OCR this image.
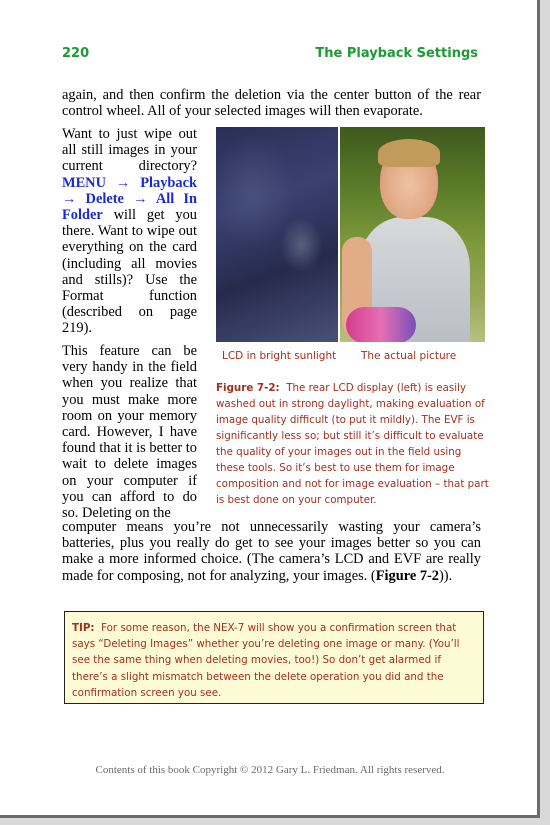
220	The Playback Settings
again, and then confirm the deletion via the center button of the rear control wheel. All of your selected images will then evaporate.
Want to just wipe out all still images in your current directory? MENU → Playback → Delete → All In Folder will get you there. Want to wipe out everything on the card (including all movies and stills)? Use the Format function (described on page 219).
This feature can be very handy in the field when you realize that you must make more room on your memory card. However, I have found that it is better to wait to delete images on your computer if you can afford to do so. Deleting on the
computer means you’re not unnecessarily wasting your camera’s batteries, plus you really do get to see your images better so you can make a more informed choice. (The camera’s LCD and EVF are really made for composing, not for analyzing, your images. (Figure 7-2)).
LCD in bright sunlight The actual picture
Figure 7-2: The rear LCD display (left) is easily washed out in strong daylight, making evaluation of image quality difficult (to put it mildly). The EVF is significantly less so; but still it’s difficult to evaluate the quality of your images out in the field using these tools. So it’s best to use them for image composition and not for image evaluation – that part is best done on your computer.
TIP: For some reason, the NEX-7 will show you a confirmation screen that says “Deleting Images” whether you’re deleting one image or many. (You’ll see the same thing when deleting movies, too!) So don’t get alarmed if there’s a slight mismatch between the delete operation you did and the confirmation screen you see.
Contents of this book Copyright © 2012 Gary L. Friedman. All rights reserved.
